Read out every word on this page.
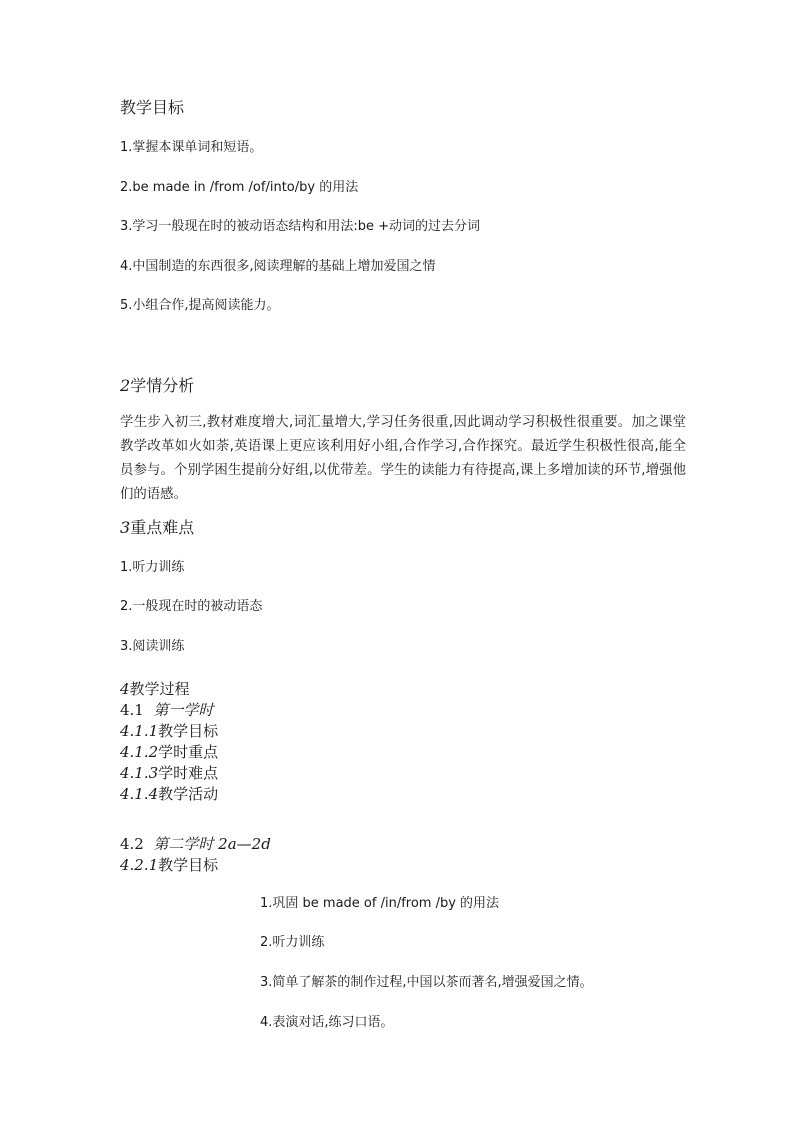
教学目标
1.掌握本课单词和短语。
2.be made in /from /of/into/by 的用法
3.学习一般现在时的被动语态结构和用法:be +动词的过去分词
4.中国制造的东西很多,阅读理解的基础上增加爱国之情
5.小组合作,提高阅读能力。
2学情分析
学生步入初三,教材难度增大,词汇量增大,学习任务很重,因此调动学习积极性很重要。加之课堂教学改革如火如荼,英语课上更应该利用好小组,合作学习,合作探究。最近学生积极性很高,能全员参与。个别学困生提前分好组,以优带差。学生的读能力有待提高,课上多增加读的环节,增强他们的语感。
3重点难点
1.听力训练
2.一般现在时的被动语态
3.阅读训练
4教学过程
4.1 第一学时
4.1.1教学目标
4.1.2学时重点
4.1.3学时难点
4.1.4教学活动
4.2 第二学时 2a—2d
4.2.1教学目标
1.巩固 be made of /in/from /by 的用法
2.听力训练
3.简单了解茶的制作过程,中国以茶而著名,增强爱国之情。
4.表演对话,练习口语。
